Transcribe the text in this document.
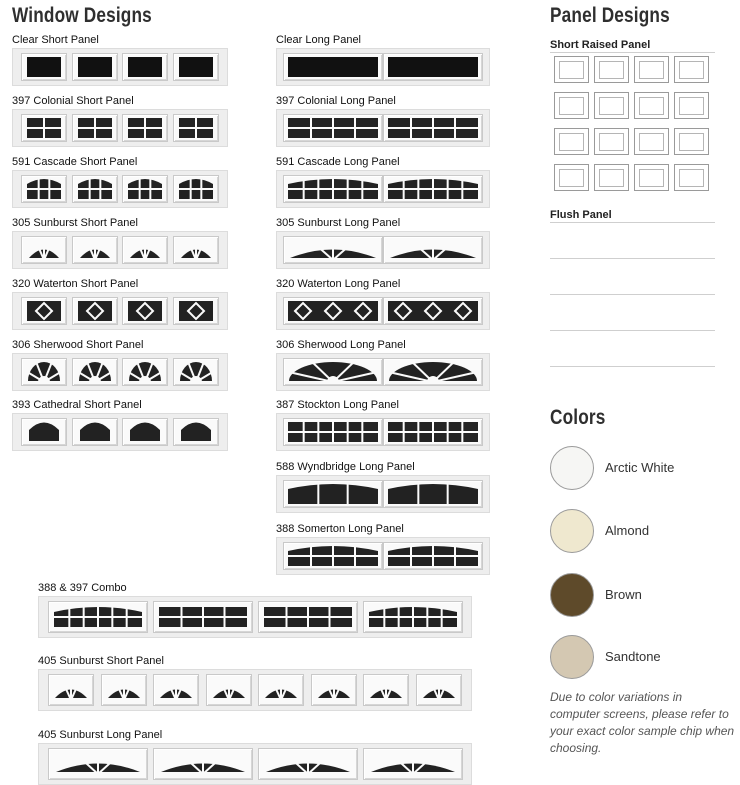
Window Designs	Panel Designs
Colors
Short Raised Panel
Flush Panel
Arctic White
Almond
Brown
Sandtone
Due to color variations in computer screens, please refer to your exact color sample chip when choosing.
Clear Short Panel
397 Colonial Short Panel
591 Cascade Short Panel
305 Sunburst Short Panel
320 Waterton Short Panel
306 Sherwood Short Panel
393 Cathedral Short Panel
Clear Long Panel
397 Colonial Long Panel
591 Cascade Long Panel
305 Sunburst Long Panel
320 Waterton Long Panel
306 Sherwood Long Panel
387 Stockton Long Panel
588 Wyndbridge Long Panel
388 Somerton Long Panel
388 & 397 Combo
405 Sunburst Short Panel
405 Sunburst Long Panel
